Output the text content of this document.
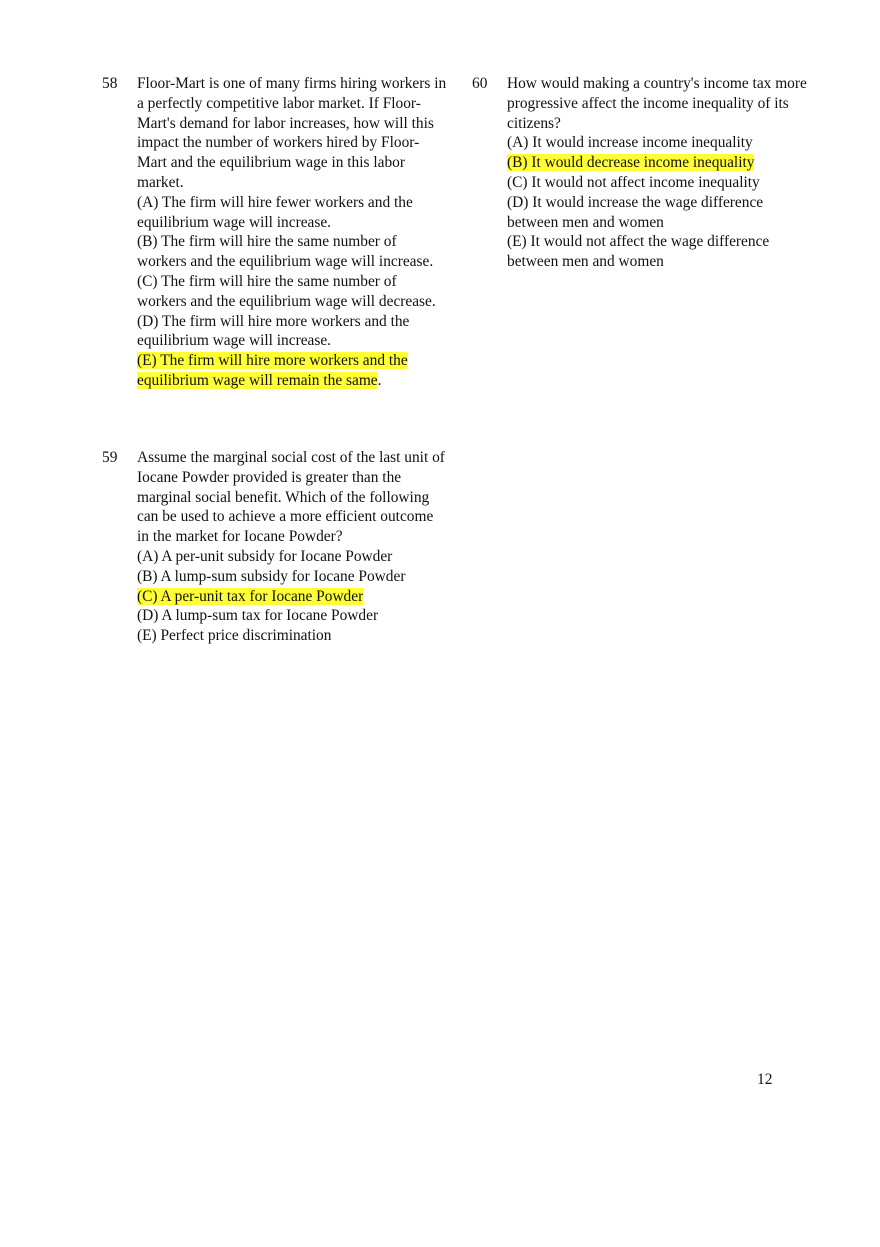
58 Floor-Mart is one of many firms hiring workers in a perfectly competitive labor market. If Floor-Mart's demand for labor increases, how will this impact the number of workers hired by Floor-Mart and the equilibrium wage in this labor market.
(A) The firm will hire fewer workers and the equilibrium wage will increase.
(B) The firm will hire the same number of workers and the equilibrium wage will increase.
(C) The firm will hire the same number of workers and the equilibrium wage will decrease.
(D) The firm will hire more workers and the equilibrium wage will increase.
(E) The firm will hire more workers and the equilibrium wage will remain the same.
59 Assume the marginal social cost of the last unit of Iocane Powder provided is greater than the marginal social benefit. Which of the following can be used to achieve a more efficient outcome in the market for Iocane Powder?
(A) A per-unit subsidy for Iocane Powder
(B) A lump-sum subsidy for Iocane Powder
(C) A per-unit tax for Iocane Powder
(D) A lump-sum tax for Iocane Powder
(E) Perfect price discrimination
60 How would making a country's income tax more progressive affect the income inequality of its citizens?
(A) It would increase income inequality
(B) It would decrease income inequality
(C) It would not affect income inequality
(D) It would increase the wage difference between men and women
(E) It would not affect the wage difference between men and women
12
